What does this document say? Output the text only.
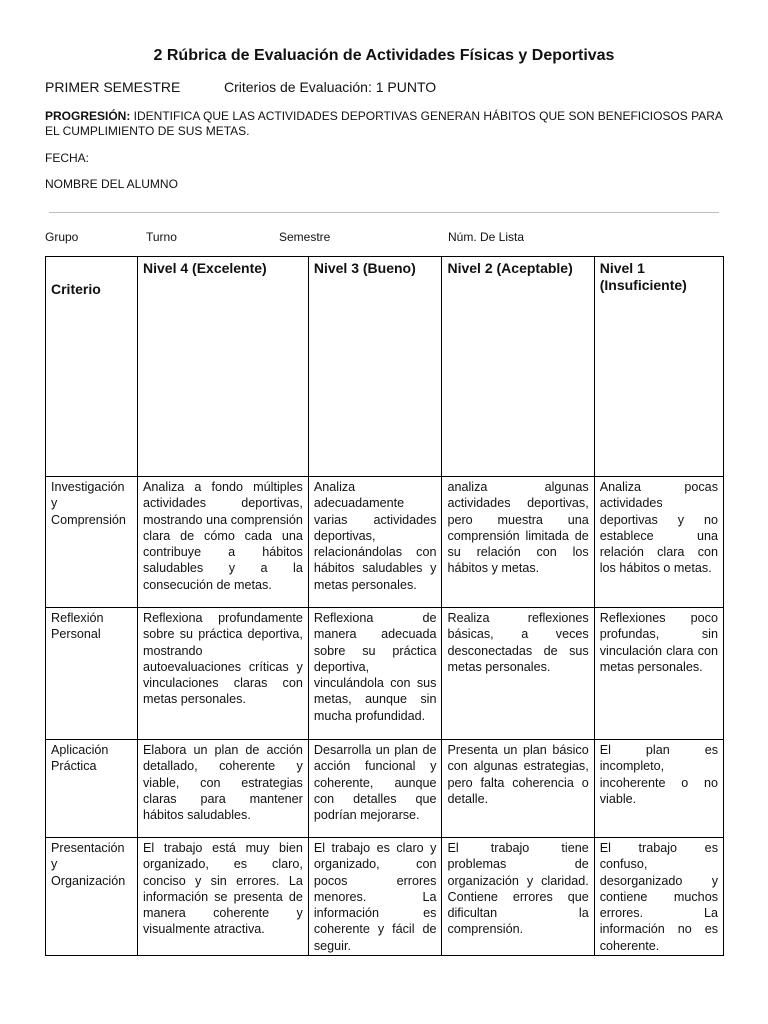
2 Rúbrica de Evaluación de Actividades Físicas y Deportivas
PRIMER SEMESTRE	Criterios de Evaluación: 1 PUNTO
PROGRESIÓN: IDENTIFICA QUE LAS ACTIVIDADES DEPORTIVAS GENERAN HÁBITOS QUE SON BENEFICIOSOS PARA EL CUMPLIMIENTO DE SUS METAS.
FECHA:
NOMBRE DEL ALUMNO
Grupo	Turno	Semestre	Núm. De Lista
Criterio	Nivel 4 (Excelente)	Nivel 3 (Bueno)	Nivel 2 (Aceptable)	Nivel 1 (Insuficiente)
Investigación y Comprensión	Analiza a fondo múltiples actividades deportivas, mostrando una comprensión clara de cómo cada una contribuye a hábitos saludables y a la consecución de metas.	Analiza adecuadamente varias actividades deportivas, relacionándolas con hábitos saludables y metas personales.	analiza algunas actividades deportivas, pero muestra una comprensión limitada de su relación con los hábitos y metas.	Analiza pocas actividades deportivas y no establece una relación clara con los hábitos o metas.
Reflexión Personal	Reflexiona profundamente sobre su práctica deportiva, mostrando autoevaluaciones críticas y vinculaciones claras con metas personales.	Reflexiona de manera adecuada sobre su práctica deportiva, vinculándola con sus metas, aunque sin mucha profundidad.	Realiza reflexiones básicas, a veces desconectadas de sus metas personales.	Reflexiones poco profundas, sin vinculación clara con metas personales.
Aplicación Práctica	Elabora un plan de acción detallado, coherente y viable, con estrategias claras para mantener hábitos saludables.	Desarrolla un plan de acción funcional y coherente, aunque con detalles que podrían mejorarse.	Presenta un plan básico con algunas estrategias, pero falta coherencia o detalle.	El plan es incompleto, incoherente o no viable.
Presentación y Organización	El trabajo está muy bien organizado, es claro, conciso y sin errores. La información se presenta de manera coherente y visualmente atractiva.	El trabajo es claro y organizado, con pocos errores menores. La información es coherente y fácil de seguir.	El trabajo tiene problemas de organización y claridad. Contiene errores que dificultan la comprensión.	El trabajo es confuso, desorganizado y contiene muchos errores. La información no es coherente.
